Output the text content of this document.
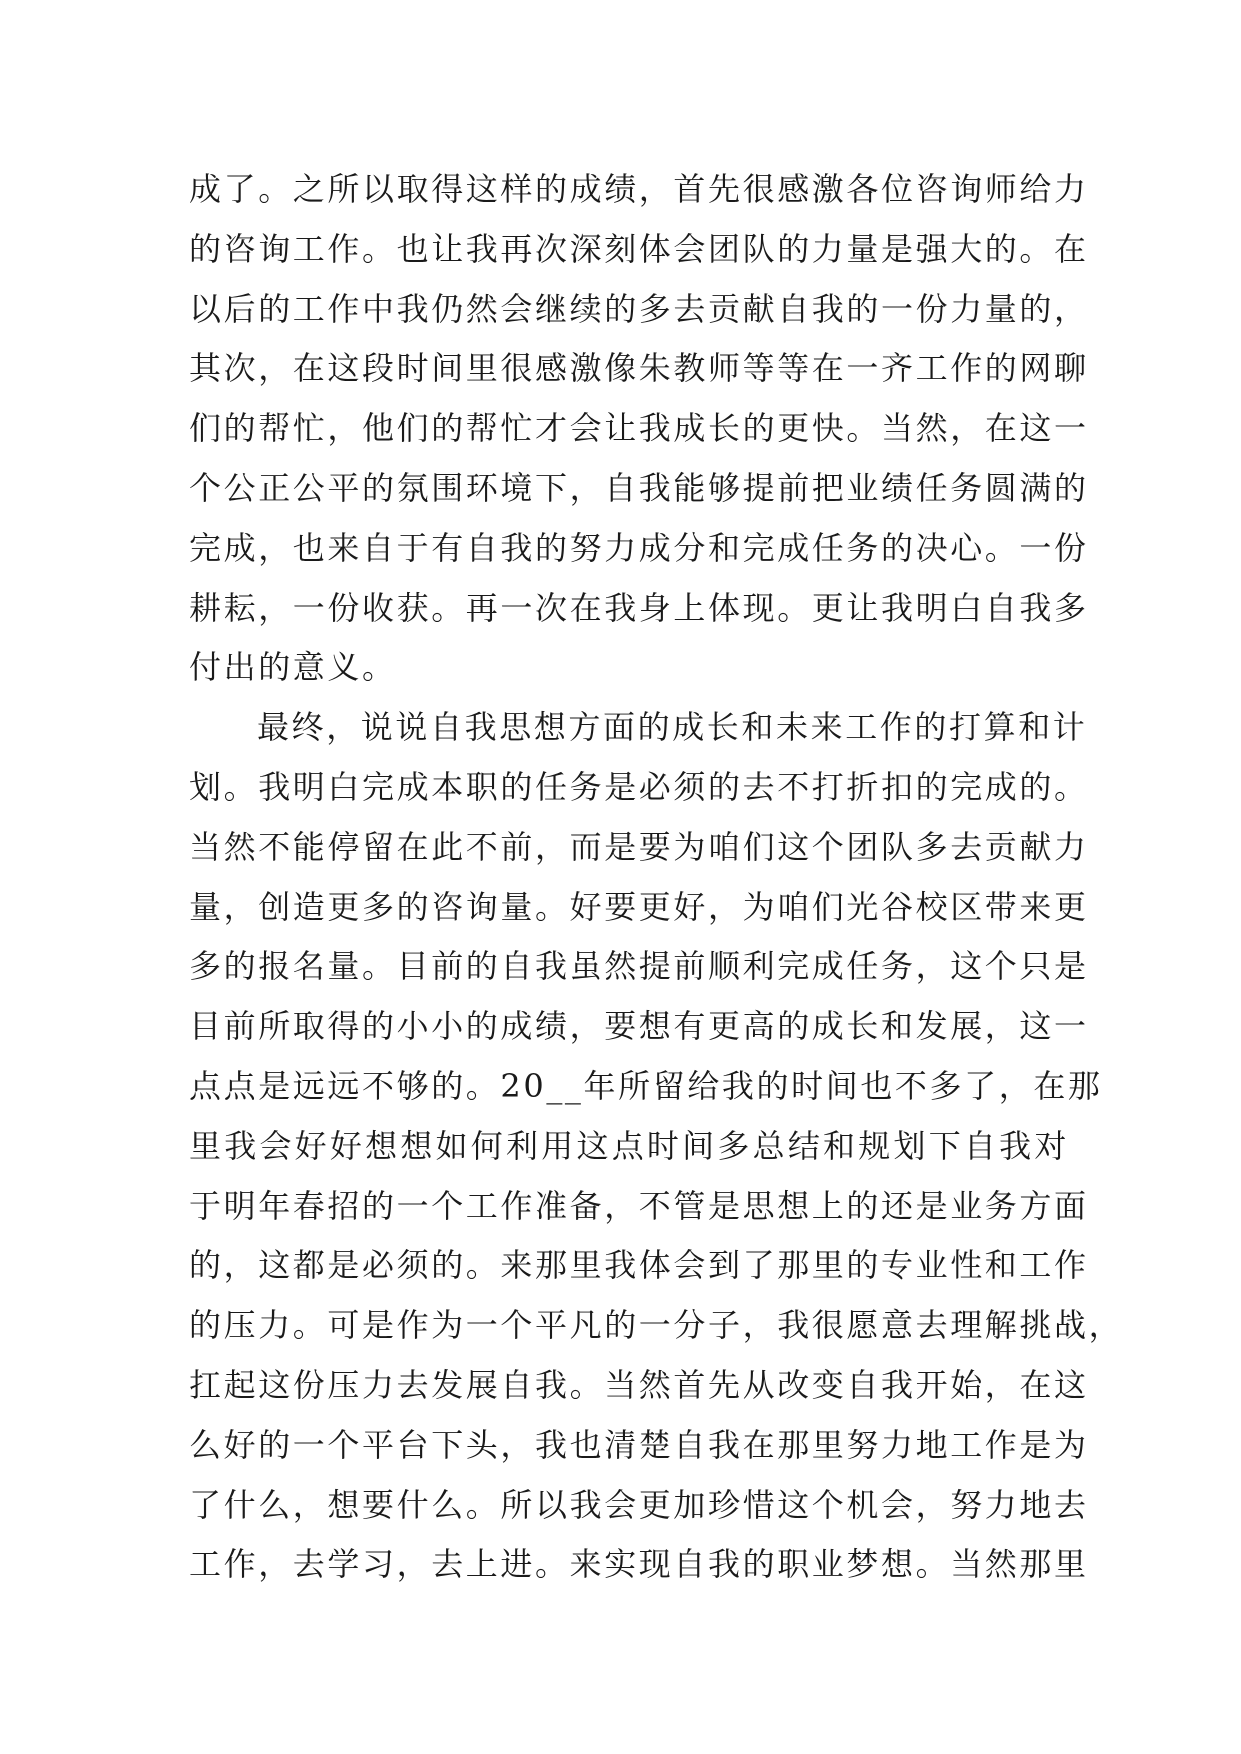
成了。之所以取得这样的成绩，首先很感激各位咨询师给力
的咨询工作。也让我再次深刻体会团队的力量是强大的。在
以后的工作中我仍然会继续的多去贡献自我的一份力量的，
其次，在这段时间里很感激像朱教师等等在一齐工作的网聊
们的帮忙，他们的帮忙才会让我成长的更快。当然，在这一
个公正公平的氛围环境下，自我能够提前把业绩任务圆满的
完成，也来自于有自我的努力成分和完成任务的决心。一份
耕耘，一份收获。再一次在我身上体现。更让我明白自我多
付出的意义。
最终，说说自我思想方面的成长和未来工作的打算和计
划。我明白完成本职的任务是必须的去不打折扣的完成的。
当然不能停留在此不前，而是要为咱们这个团队多去贡献力
量，创造更多的咨询量。好要更好，为咱们光谷校区带来更
多的报名量。目前的自我虽然提前顺利完成任务，这个只是
目前所取得的小小的成绩，要想有更高的成长和发展，这一
点点是远远不够的。20__年所留给我的时间也不多了，在那
里我会好好想想如何利用这点时间多总结和规划下自我对
于明年春招的一个工作准备，不管是思想上的还是业务方面
的，这都是必须的。来那里我体会到了那里的专业性和工作
的压力。可是作为一个平凡的一分子，我很愿意去理解挑战，
扛起这份压力去发展自我。当然首先从改变自我开始，在这
么好的一个平台下头，我也清楚自我在那里努力地工作是为
了什么，想要什么。所以我会更加珍惜这个机会，努力地去
工作，去学习，去上进。来实现自我的职业梦想。当然那里
